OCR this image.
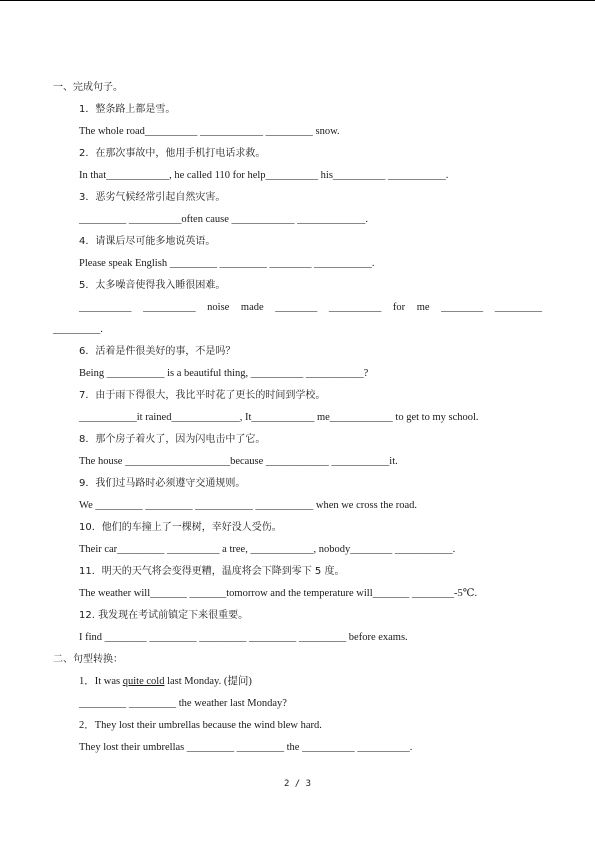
一、完成句子。
1．整条路上都是雪。
The whole road__________ ____________ _________ snow.
2．在那次事故中，他用手机打电话求救。
In that____________, he called 110 for help__________ his__________ ___________.
3．恶劣气候经常引起自然灾害。
_________ __________often cause ____________ _____________.
4．请课后尽可能多地说英语。
Please speak English _________ _________ ________ ___________.
5．太多噪音使得我入睡很困难。
__________ __________ noise made ________ __________ for me ________ _________
_________.
6．活着是件很美好的事，不是吗？
Being ___________ is a beautiful thing, __________ ___________?
7．由于雨下得很大，我比平时花了更长的时间到学校。
___________it rained_____________, It____________ me____________ to get to my school.
8．那个房子着火了，因为闪电击中了它。
The house ____________________because ____________ ___________it.
9．我们过马路时必须遵守交通规则。
We _________ _________ ___________ ___________ when we cross the road.
10．他们的车撞上了一棵树，幸好没人受伤。
Their car_________ __________ a tree, ____________, nobody________ ___________.
11．明天的天气将会变得更糟，温度将会下降到零下 5 度。
The weather will_______ _______tomorrow and the temperature will_______ ________-5℃.
12. 我发现在考试前镇定下来很重要。
I find ________ _________ _________ _________ _________ before exams.
二、句型转换：
1．It was quite cold last Monday. (提问)
_________ _________ the weather last Monday?
2．They lost their umbrellas because the wind blew hard.
They lost their umbrellas _________ _________ the __________ __________.
2 / 3
